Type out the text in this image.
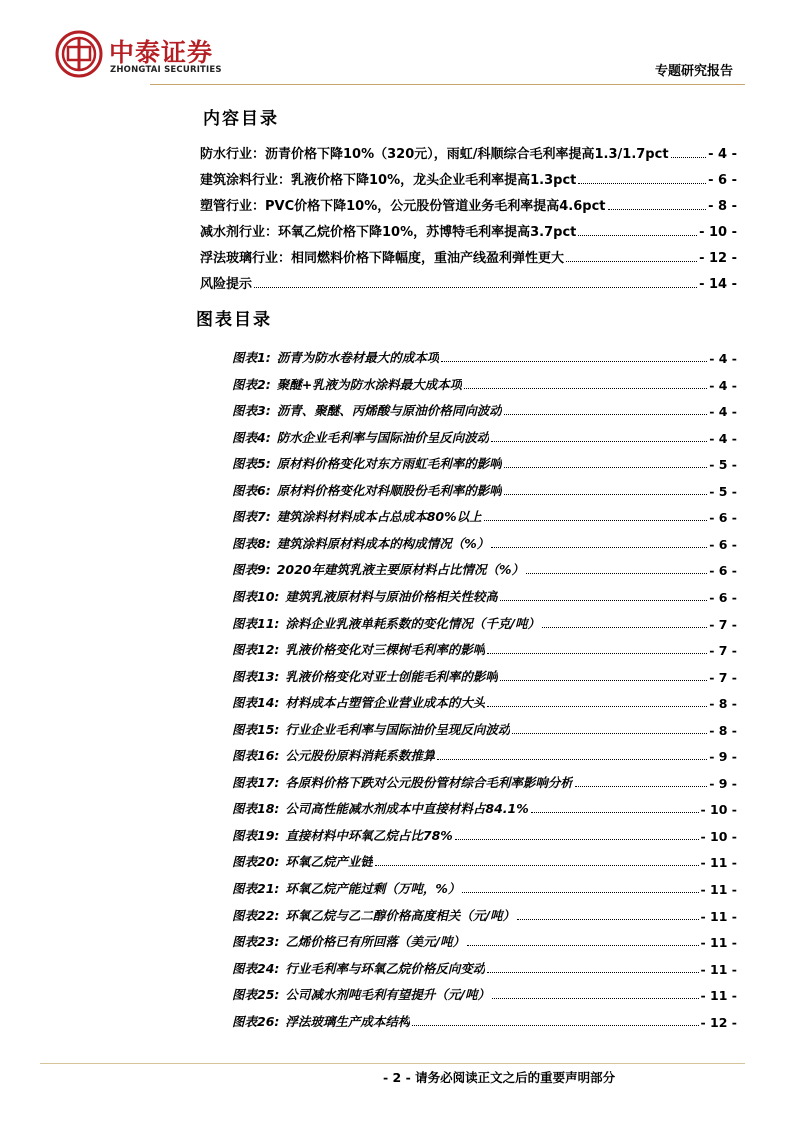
中泰证券
ZHONGTAI SECURITIES	专题研究报告
内容目录
防水行业：沥青价格下降10%（320元），雨虹/科顺综合毛利率提高1.3/1.7pct	- 4 -
建筑涂料行业：乳液价格下降10%，龙头企业毛利率提高1.3pct	- 6 -
塑管行业：PVC价格下降10%，公元股份管道业务毛利率提高4.6pct	- 8 -
减水剂行业：环氧乙烷价格下降10%，苏博特毛利率提高3.7pct	- 10 -
浮法玻璃行业：相同燃料价格下降幅度，重油产线盈利弹性更大	- 12 -
风险提示	- 14 -
图表目录
图表1: 沥青为防水卷材最大的成本项	- 4 -
图表2: 聚醚+乳液为防水涂料最大成本项	- 4 -
图表3: 沥青、聚醚、丙烯酸与原油价格同向波动	- 4 -
图表4: 防水企业毛利率与国际油价呈反向波动	- 4 -
图表5: 原材料价格变化对东方雨虹毛利率的影响	- 5 -
图表6: 原材料价格变化对科顺股份毛利率的影响	- 5 -
图表7: 建筑涂料材料成本占总成本80%以上	- 6 -
图表8: 建筑涂料原材料成本的构成情况（%）	- 6 -
图表9: 2020年建筑乳液主要原材料占比情况（%）	- 6 -
图表10: 建筑乳液原材料与原油价格相关性较高	- 6 -
图表11: 涂料企业乳液单耗系数的变化情况（千克/吨）	- 7 -
图表12: 乳液价格变化对三棵树毛利率的影响	- 7 -
图表13: 乳液价格变化对亚士创能毛利率的影响	- 7 -
图表14: 材料成本占塑管企业营业成本的大头	- 8 -
图表15: 行业企业毛利率与国际油价呈现反向波动	- 8 -
图表16: 公元股份原料消耗系数推算	- 9 -
图表17: 各原料价格下跌对公元股份管材综合毛利率影响分析	- 9 -
图表18: 公司高性能减水剂成本中直接材料占84.1%	- 10 -
图表19: 直接材料中环氧乙烷占比78%	- 10 -
图表20: 环氧乙烷产业链	- 11 -
图表21: 环氧乙烷产能过剩（万吨，%）	- 11 -
图表22: 环氧乙烷与乙二醇价格高度相关（元/吨）	- 11 -
图表23: 乙烯价格已有所回落（美元/吨）	- 11 -
图表24: 行业毛利率与环氧乙烷价格反向变动	- 11 -
图表25: 公司减水剂吨毛利有望提升（元/吨）	- 11 -
图表26: 浮法玻璃生产成本结构	- 12 -
- 2 - 请务必阅读正文之后的重要声明部分
